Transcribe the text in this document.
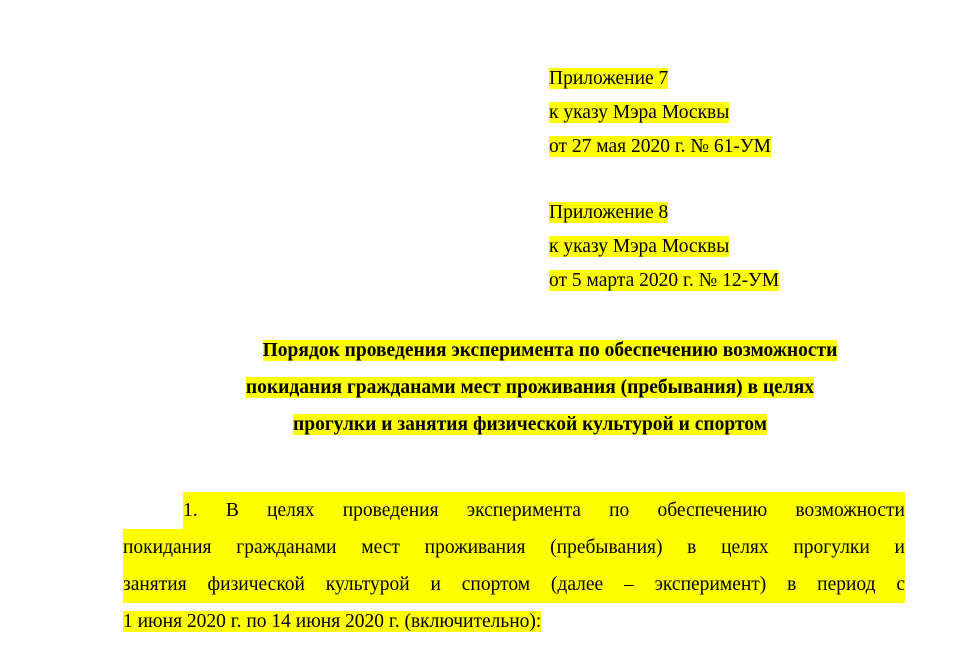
Приложение 7
к указу Мэра Москвы
от 27 мая 2020 г. № 61-УМ
Приложение 8
к указу Мэра Москвы
от 5 марта 2020 г. № 12-УМ
Порядок проведения эксперимента по обеспечению возможности
покидания гражданами мест проживания (пребывания) в целях
прогулки и занятия физической культурой и спортом
1. В целях проведения эксперимента по обеспечению возможности
покидания гражданами мест проживания (пребывания) в целях прогулки и
занятия физической культурой и спортом (далее – эксперимент) в период с
1 июня 2020 г. по 14 июня 2020 г. (включительно):
